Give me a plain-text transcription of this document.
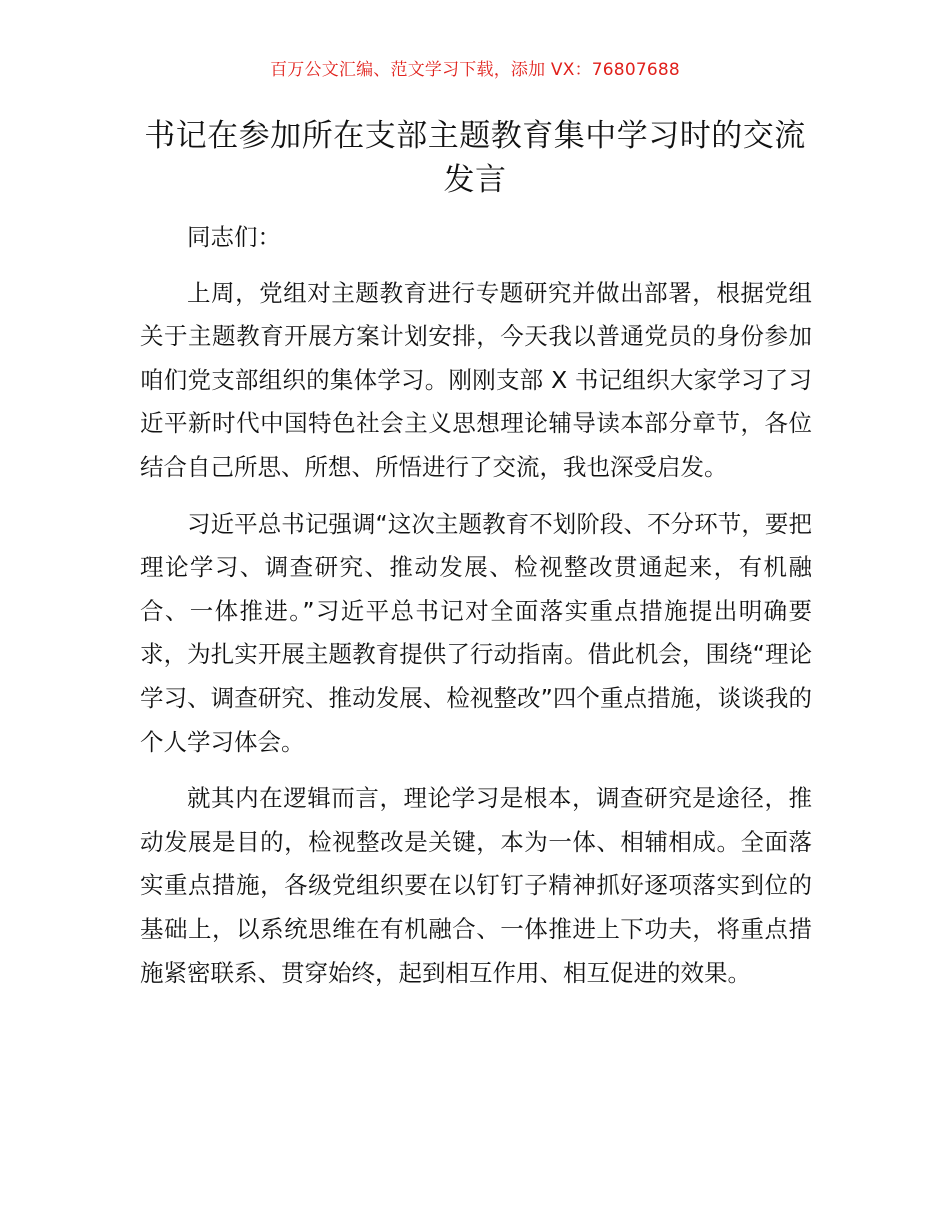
百万公文汇编、范文学习下载，添加 VX：76807688
书记在参加所在支部主题教育集中学习时的交流发言

同志们：

上周，党组对主题教育进行专题研究并做出部署，根据党组关于主题教育开展方案计划安排，今天我以普通党员的身份参加咱们党支部组织的集体学习。刚刚支部 X 书记组织大家学习了习近平新时代中国特色社会主义思想理论辅导读本部分章节，各位结合自己所思、所想、所悟进行了交流，我也深受启发。

习近平总书记强调“这次主题教育不划阶段、不分环节，要把理论学习、调查研究、推动发展、检视整改贯通起来，有机融合、一体推进。”习近平总书记对全面落实重点措施提出明确要求，为扎实开展主题教育提供了行动指南。借此机会，围绕“理论学习、调查研究、推动发展、检视整改”四个重点措施，谈谈我的个人学习体会。

就其内在逻辑而言，理论学习是根本，调查研究是途径，推动发展是目的，检视整改是关键，本为一体、相辅相成。全面落实重点措施，各级党组织要在以钉钉子精神抓好逐项落实到位的基础上，以系统思维在有机融合、一体推进上下功夫，将重点措施紧密联系、贯穿始终，起到相互作用、相互促进的效果。
